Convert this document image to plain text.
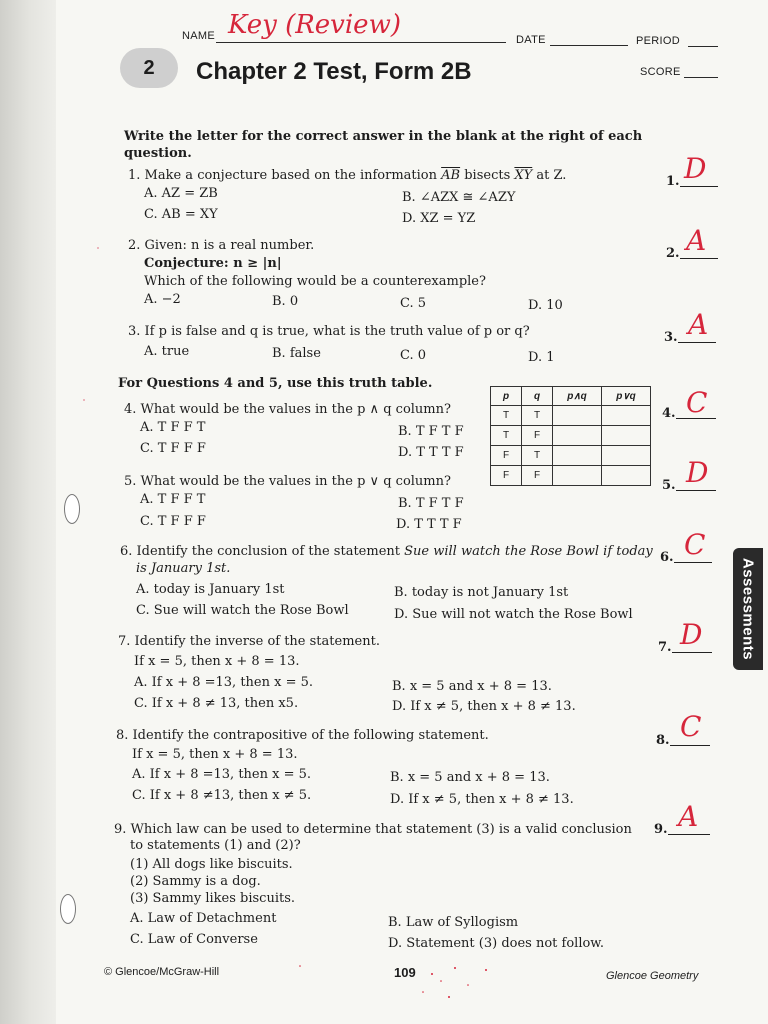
NAME Key (Review)	DATE	PERIOD
2 Chapter 2 Test, Form 2B	SCORE
Write the letter for the correct answer in the blank at the right of each question.
1. Make a conjecture based on the information $\overline{AB}$ bisects $\overline{XY}$ at Z.
A. AZ = ZB	B. ∠AZX ≅ ∠AZY
C. AB = XY	D. XZ = YZ
1. D
2. Given: n is a real number.
Conjecture: n ≥ |n|
Which of the following would be a counterexample?
A. −2	B. 0	C. 5	D. 10
2. A
3. If p is false and q is true, what is the truth value of p or q?
A. true	B. false	C. 0	D. 1
3. A
For Questions 4 and 5, use this truth table.
4. What would be the values in the p ∧ q column?
A. T F F T	B. T F T F
C. T F F F	D. T T T F
4. C
p	q	p∧q	p∨q
T	T		
T	F		
F	T		
F	F		
5. What would be the values in the p ∨ q column?
A. T F F T	B. T F T F
C. T F F F	D. T T T F
5. D
6. Identify the conclusion of the statement Sue will watch the Rose Bowl if today
is January 1st.
A. today is January 1st	B. today is not January 1st
C. Sue will watch the Rose Bowl	D. Sue will not watch the Rose Bowl
6. C
7. Identify the inverse of the statement.
If x = 5, then x + 8 = 13.
A. If x + 8 =13, then x = 5.	B. x = 5 and x + 8 = 13.
C. If x + 8 ≠ 13, then x5.	D. If x ≠ 5, then x + 8 ≠ 13.
7. D
8. Identify the contrapositive of the following statement.
If x = 5, then x + 8 = 13.
A. If x + 8 =13, then x = 5.	B. x = 5 and x + 8 = 13.
C. If x + 8 ≠13, then x ≠ 5.	D. If x ≠ 5, then x + 8 ≠ 13.
8. C
9. Which law can be used to determine that statement (3) is a valid conclusion
to statements (1) and (2)?
(1) All dogs like biscuits.
(2) Sammy is a dog.
(3) Sammy likes biscuits.
A. Law of Detachment	B. Law of Syllogism
C. Law of Converse	D. Statement (3) does not follow.
9. A
Assessments
© Glencoe/McGraw-Hill	109	Glencoe Geometry
